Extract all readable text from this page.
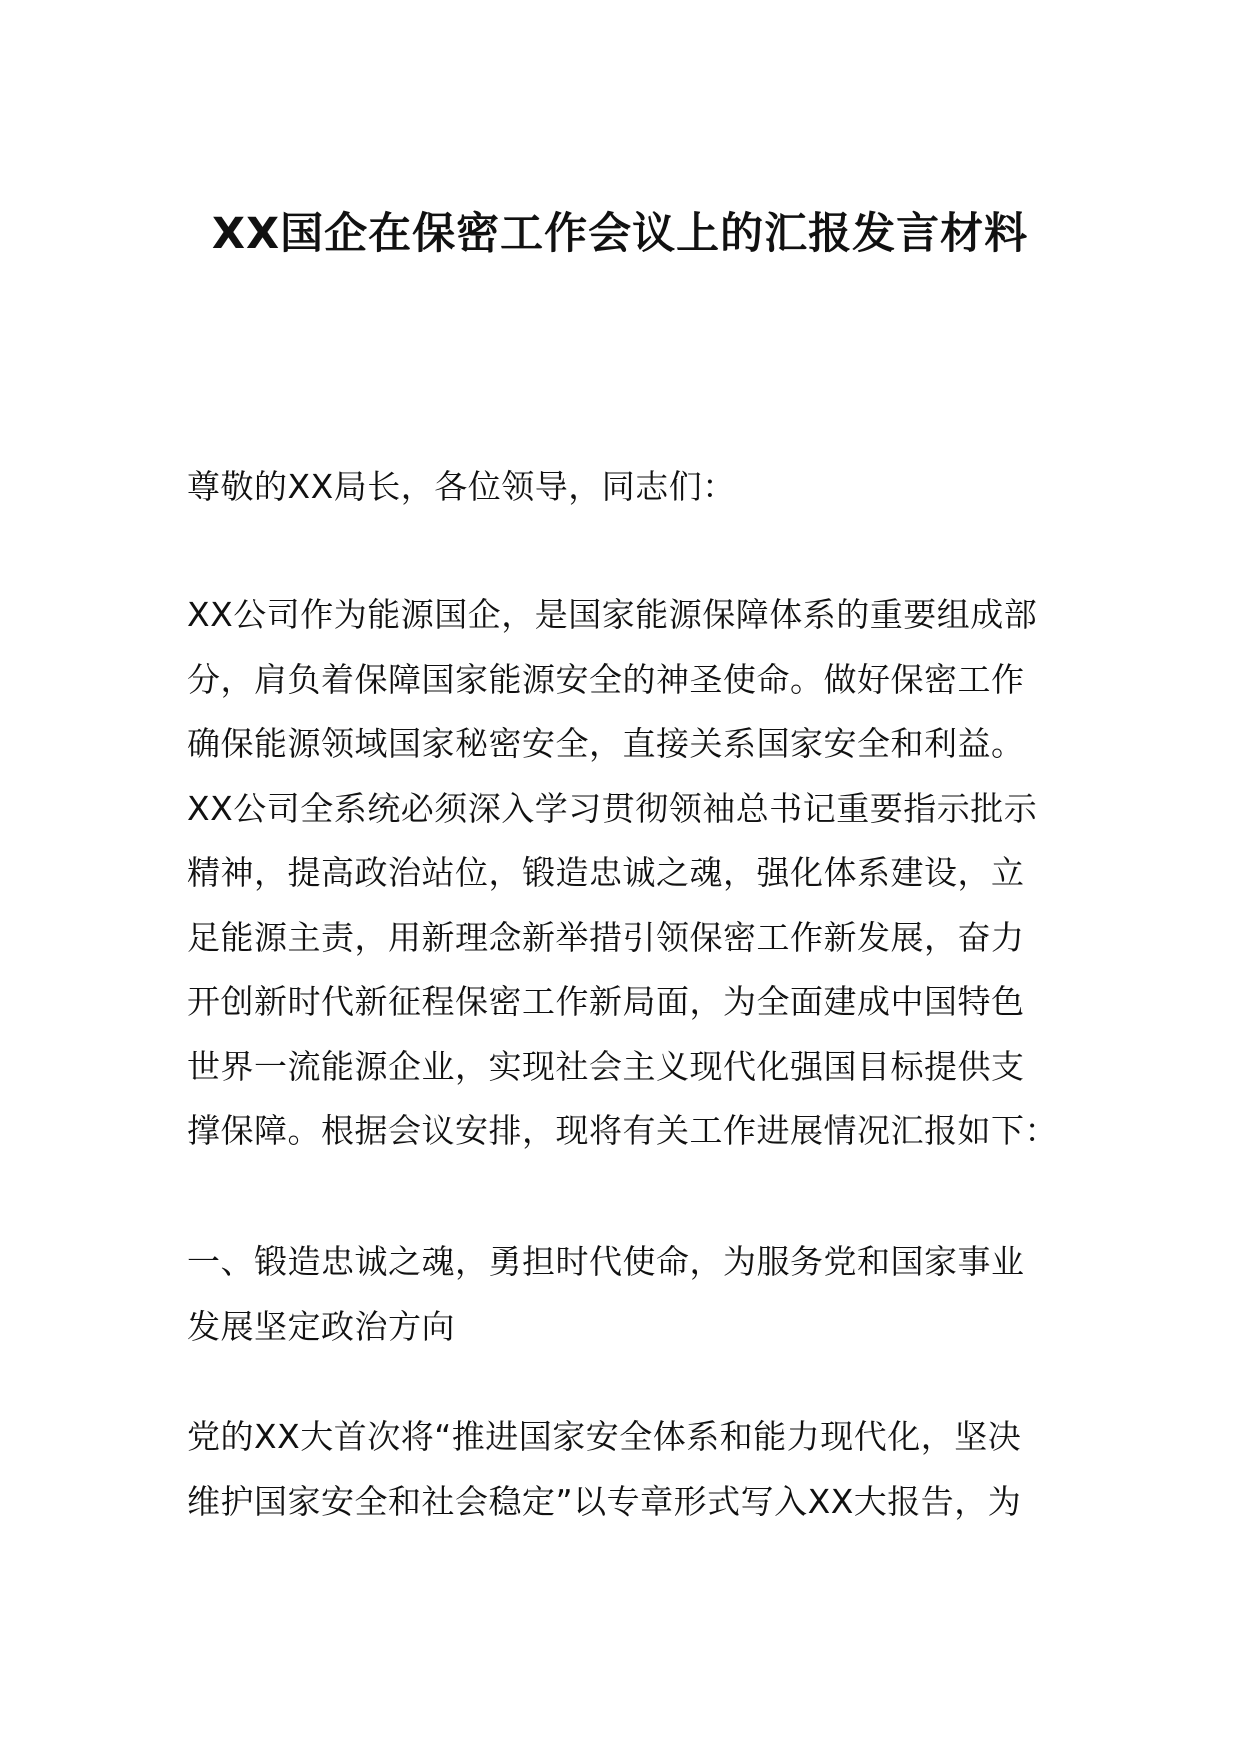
XX国企在保密工作会议上的汇报发言材料
尊敬的XX局长，各位领导，同志们：
XX公司作为能源国企，是国家能源保障体系的重要组成部
分，肩负着保障国家能源安全的神圣使命。做好保密工作
确保能源领域国家秘密安全，直接关系国家安全和利益。
XX公司全系统必须深入学习贯彻领袖总书记重要指示批示
精神，提高政治站位，锻造忠诚之魂，强化体系建设，立
足能源主责，用新理念新举措引领保密工作新发展，奋力
开创新时代新征程保密工作新局面，为全面建成中国特色
世界一流能源企业，实现社会主义现代化强国目标提供支
撑保障。根据会议安排，现将有关工作进展情况汇报如下：
一、锻造忠诚之魂，勇担时代使命，为服务党和国家事业
发展坚定政治方向
党的XX大首次将“推进国家安全体系和能力现代化，坚决
维护国家安全和社会稳定”以专章形式写入XX大报告，为
